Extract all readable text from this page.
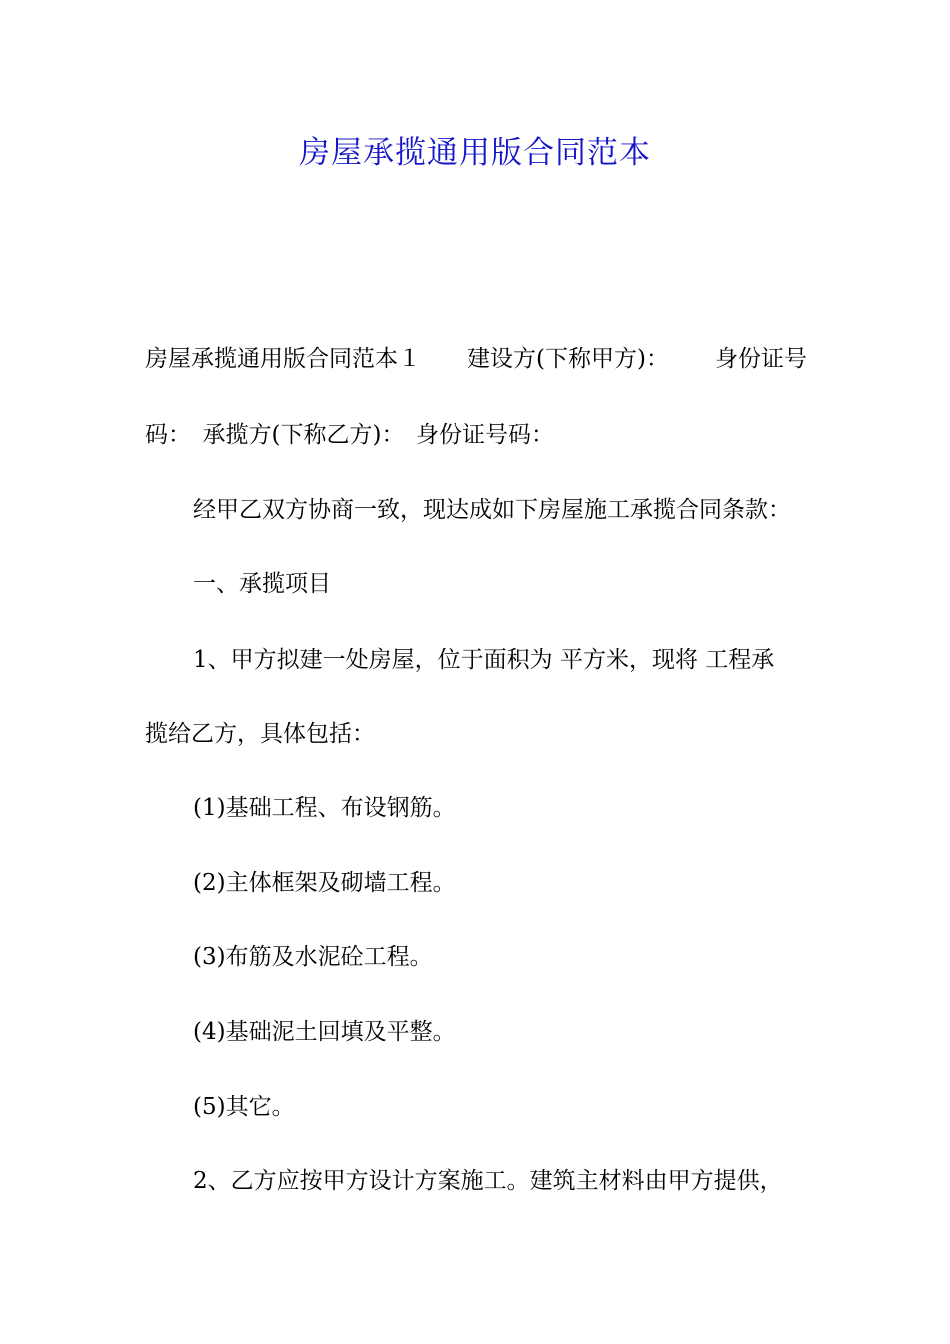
房屋承揽通用版合同范本
房屋承揽通用版合同范本１ 建设方(下称甲方)： 身份证号

码：　承揽方(下称乙方)：　身份证号码：

经甲乙双方协商一致，现达成如下房屋施工承揽合同条款：

一、承揽项目

1、甲方拟建一处房屋，位于面积为 平方米，现将 工程承

揽给乙方，具体包括：

(1)基础工程、布设钢筋。

(2)主体框架及砌墙工程。

(3)布筋及水泥砼工程。

(4)基础泥土回填及平整。

(5)其它。

2、乙方应按甲方设计方案施工。建筑主材料由甲方提供，
